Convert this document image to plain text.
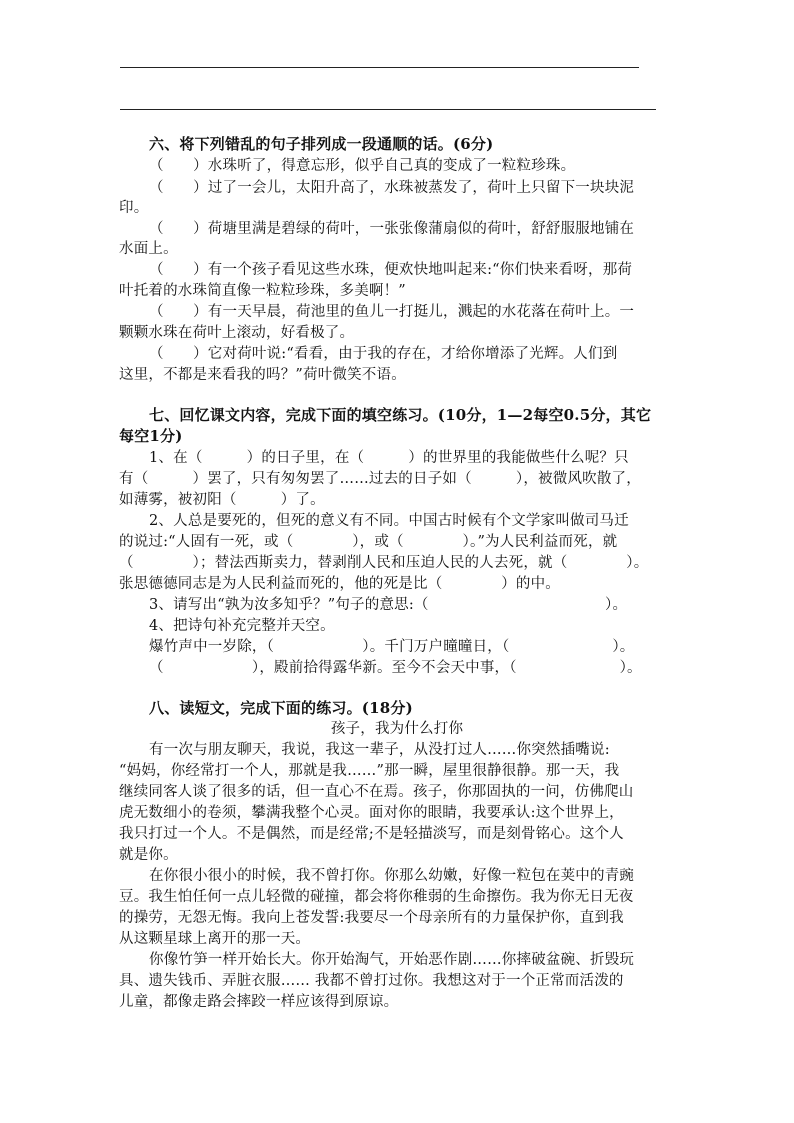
六、将下列错乱的句子排列成一段通顺的话。(6分)
（　　）水珠听了，得意忘形，似乎自己真的变成了一粒粒珍珠。
（　　）过了一会儿，太阳升高了，水珠被蒸发了，荷叶上只留下一块块泥
印。
（　　）荷塘里满是碧绿的荷叶，一张张像蒲扇似的荷叶，舒舒服服地铺在
水面上。
（　　）有一个孩子看见这些水珠，便欢快地叫起来:“你们快来看呀，那荷
叶托着的水珠简直像一粒粒珍珠，多美啊！”
（　　）有一天早晨，荷池里的鱼儿一打挺儿，溅起的水花落在荷叶上。一
颗颗水珠在荷叶上滚动，好看极了。
（　　）它对荷叶说:“看看，由于我的存在，才给你增添了光辉。人们到
这里，不都是来看我的吗？”荷叶微笑不语。
七、回忆课文内容，完成下面的填空练习。(10分，1—2每空0.5分，其它
每空1分)
1、在（　　　）的日子里，在（　　　）的世界里的我能做些什么呢？只
有（　　　）罢了，只有匆匆罢了……过去的日子如（　　　），被微风吹散了，
如薄雾，被初阳（　　　）了。
2、人总是要死的，但死的意义有不同。中国古时候有个文学家叫做司马迁
的说过:“人固有一死，或（　　　　），或（　　　　）。”为人民利益而死，就
（　　　　）；替法西斯卖力，替剥削人民和压迫人民的人去死，就（　　　　）。
张思德德同志是为人民利益而死的，他的死是比（　　　　）的中。
3、请写出“孰为汝多知乎？”句子的意思:（　　　　　　　　　　　　）。
4、把诗句补充完整并天空。
爆竹声中一岁除，（　　　　　　）。千门万户曈曈日，（　　　　　　　）。
（　　　　　　），殿前拾得露华新。至今不会天中事，（　　　　　　　）。
八、读短文，完成下面的练习。(18分)
孩子，我为什么打你
有一次与朋友聊天，我说，我这一辈子，从没打过人……你突然插嘴说:
“妈妈，你经常打一个人，那就是我……”那一瞬，屋里很静很静。那一天，我
继续同客人谈了很多的话，但一直心不在焉。孩子，你那固执的一问，仿佛爬山
虎无数细小的卷须，攀满我整个心灵。面对你的眼睛，我要承认:这个世界上，
我只打过一个人。不是偶然，而是经常;不是轻描淡写，而是刻骨铭心。这个人
就是你。
在你很小很小的时候，我不曾打你。你那么幼嫩，好像一粒包在荚中的青豌
豆。我生怕任何一点儿轻微的碰撞，都会将你稚弱的生命擦伤。我为你无日无夜
的操劳，无怨无悔。我向上苍发誓:我要尽一个母亲所有的力量保护你，直到我
从这颗星球上离开的那一天。
你像竹笋一样开始长大。你开始淘气，开始恶作剧……你摔破盆碗、折毁玩
具、遗失钱币、弄脏衣服…… 我都不曾打过你。我想这对于一个正常而活泼的
儿童，都像走路会摔跤一样应该得到原谅。
